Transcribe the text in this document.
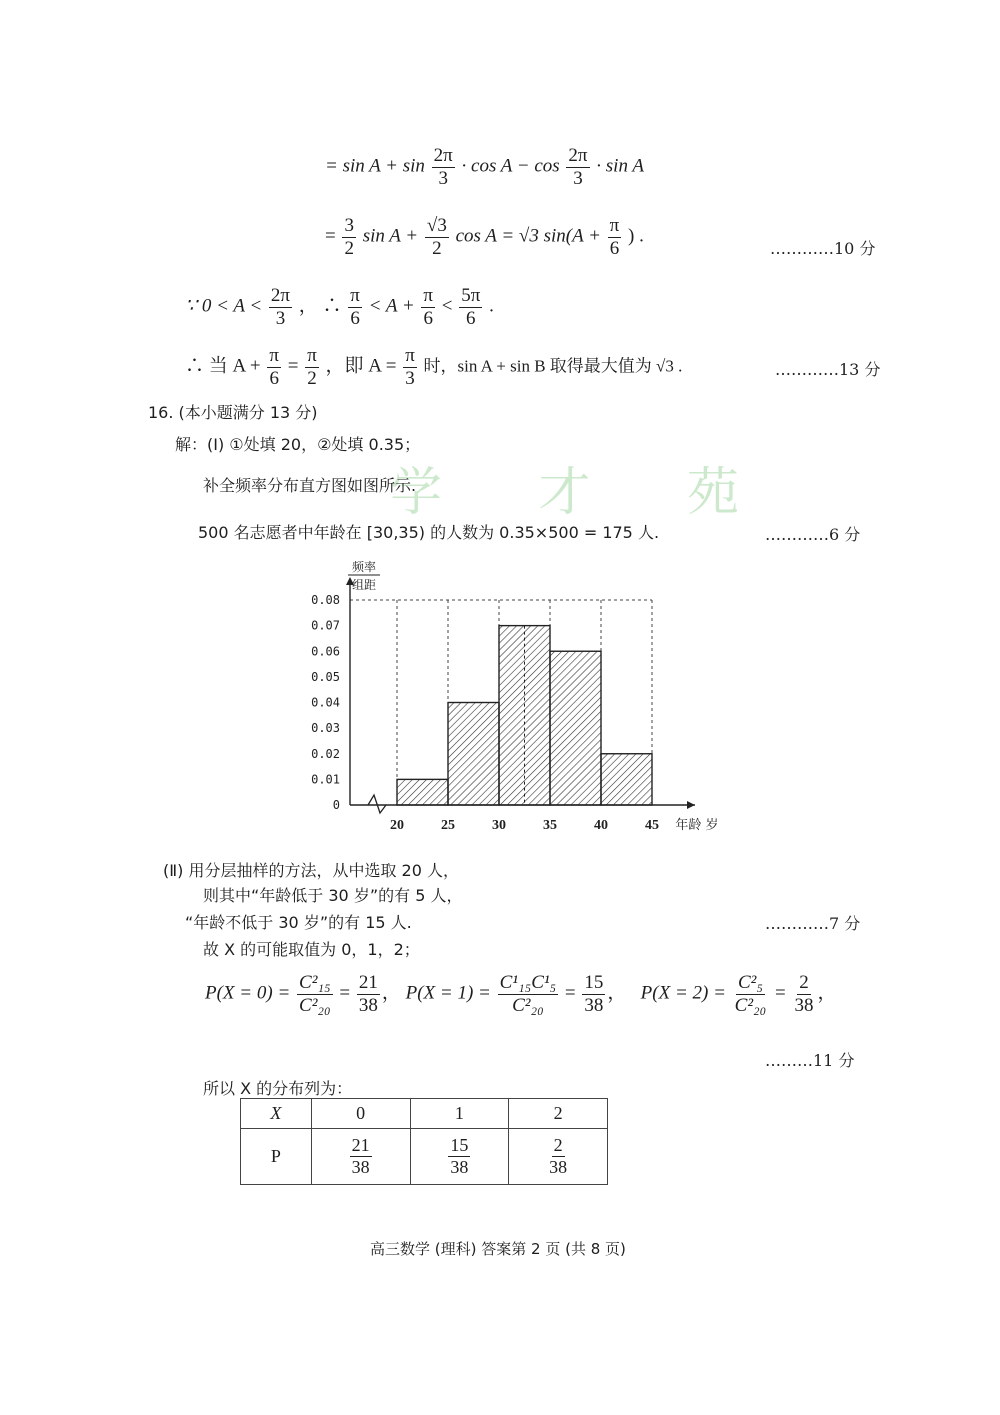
学 才 苑
= $\sin A + \sin \frac{2\pi}{3} \cdot \cos A - \cos \frac{2\pi}{3} \cdot \sin A$
= $\frac{3}{2}$ $\sin A + \frac{√3}{2}$ cos A = √3 $\sin(A + \frac{\pi}{6}$ ) .
…………10 分
∵ $0 < A < \frac{2\pi}{3}$ ， ∴ $\frac{\pi}{6} < A + \frac{\pi}{6} < \frac{5\pi}{6}$ .
∴ 当 $A + \frac{\pi}{6} = \frac{\pi}{2}$ ，即 $A = \frac{\pi}{3}$ 时，sin A + sin B 取得最大值为 √3 .	…………13 分
16. (本小题满分 13 分)
解：(Ⅰ) ①处填 20，②处填 0.35；
补全频率分布直方图如图所示.
500 名志愿者中年龄在 [30,35) 的人数为 0.35×500 = 175 人.	…………6 分
0
0.01
0.02
0.03
0.04
0.05
0.06
0.07
0.08
20	25	30	35	40	45 年龄 岁
频率
组距
(Ⅱ) 用分层抽样的方法，从中选取 20 人，
则其中“年龄低于 30 岁”的有 5 人，
“年龄不低于 30 岁”的有 15 人.	…………7 分
故 X 的可能取值为 0，1，2；
$P(X = 0) = \frac{\text{C²₁₅}}{\text{C²₂₀}} = \frac{21}{38}$ ， $P(X = 1) = \frac{\text{C¹₁₅C¹₅}}{\text{C²₂₀}} = \frac{15}{38}$ ， $P(X = 2) = \frac{\text{C²₅}}{\text{C²₂₀}} = \frac{2}{38}$ ，
………11 分
所以 X 的分布列为：
X	0	1	2
P	$\frac{21}{38}$	$\frac{15}{38}$	$\frac{2}{38}$
高三数学 (理科) 答案第 2 页 (共 8 页)
